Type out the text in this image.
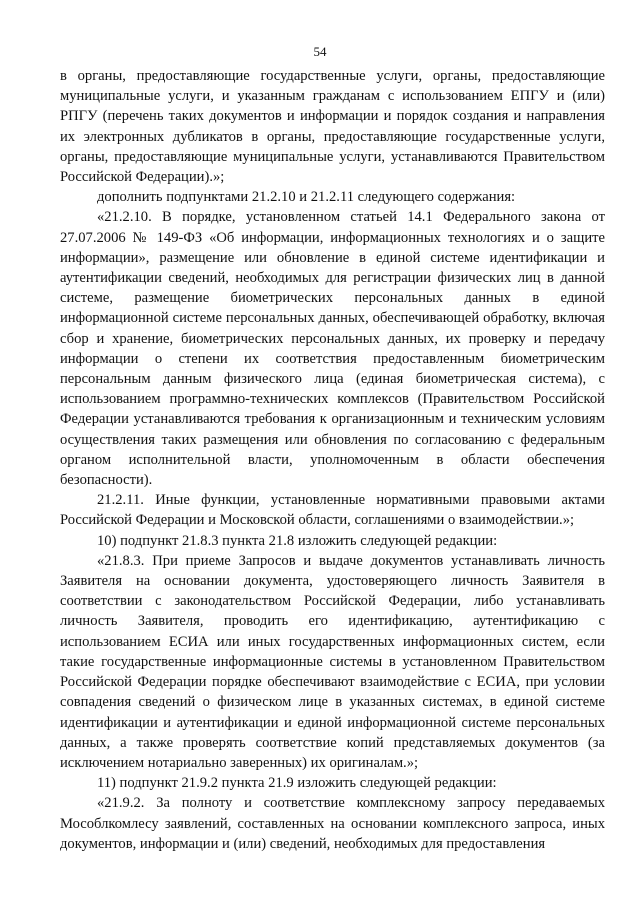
54

в органы, предоставляющие государственные услуги, органы, предоставляющие муниципальные услуги, и указанным гражданам с использованием ЕПГУ и (или) РПГУ (перечень таких документов и информации и порядок создания и направления их электронных дубликатов в органы, предоставляющие государственные услуги, органы, предоставляющие муниципальные услуги, устанавливаются Правительством Российской Федерации).»;

дополнить подпунктами 21.2.10 и 21.2.11 следующего содержания:

«21.2.10. В порядке, установленном статьей 14.1 Федерального закона от 27.07.2006 № 149-ФЗ «Об информации, информационных технологиях и о защите информации», размещение или обновление в единой системе идентификации и аутентификации сведений, необходимых для регистрации физических лиц в данной системе, размещение биометрических персональных данных в единой информационной системе персональных данных, обеспечивающей обработку, включая сбор и хранение, биометрических персональных данных, их проверку и передачу информации о степени их соответствия предоставленным биометрическим персональным данным физического лица (единая биометрическая система), с использованием программно-технических комплексов (Правительством Российской Федерации устанавливаются требования к организационным и техническим условиям осуществления таких размещения или обновления по согласованию с федеральным органом исполнительной власти, уполномоченным в области обеспечения безопасности).

21.2.11. Иные функции, установленные нормативными правовыми актами Российской Федерации и Московской области, соглашениями о взаимодействии.»;

10) подпункт 21.8.3 пункта 21.8 изложить следующей редакции:

«21.8.3. При приеме Запросов и выдаче документов устанавливать личность Заявителя на основании документа, удостоверяющего личность Заявителя в соответствии с законодательством Российской Федерации, либо устанавливать личность Заявителя, проводить его идентификацию, аутентификацию с использованием ЕСИА или иных государственных информационных систем, если такие государственные информационные системы в установленном Правительством Российской Федерации порядке обеспечивают взаимодействие с ЕСИА, при условии совпадения сведений о физическом лице в указанных системах, в единой системе идентификации и аутентификации и единой информационной системе персональных данных, а также проверять соответствие копий представляемых документов (за исключением нотариально заверенных) их оригиналам.»;

11) подпункт 21.9.2 пункта 21.9 изложить следующей редакции:

«21.9.2. За полноту и соответствие комплексному запросу передаваемых Мособлкомлесу заявлений, составленных на основании комплексного запроса, иных документов, информации и (или) сведений, необходимых для предоставления
